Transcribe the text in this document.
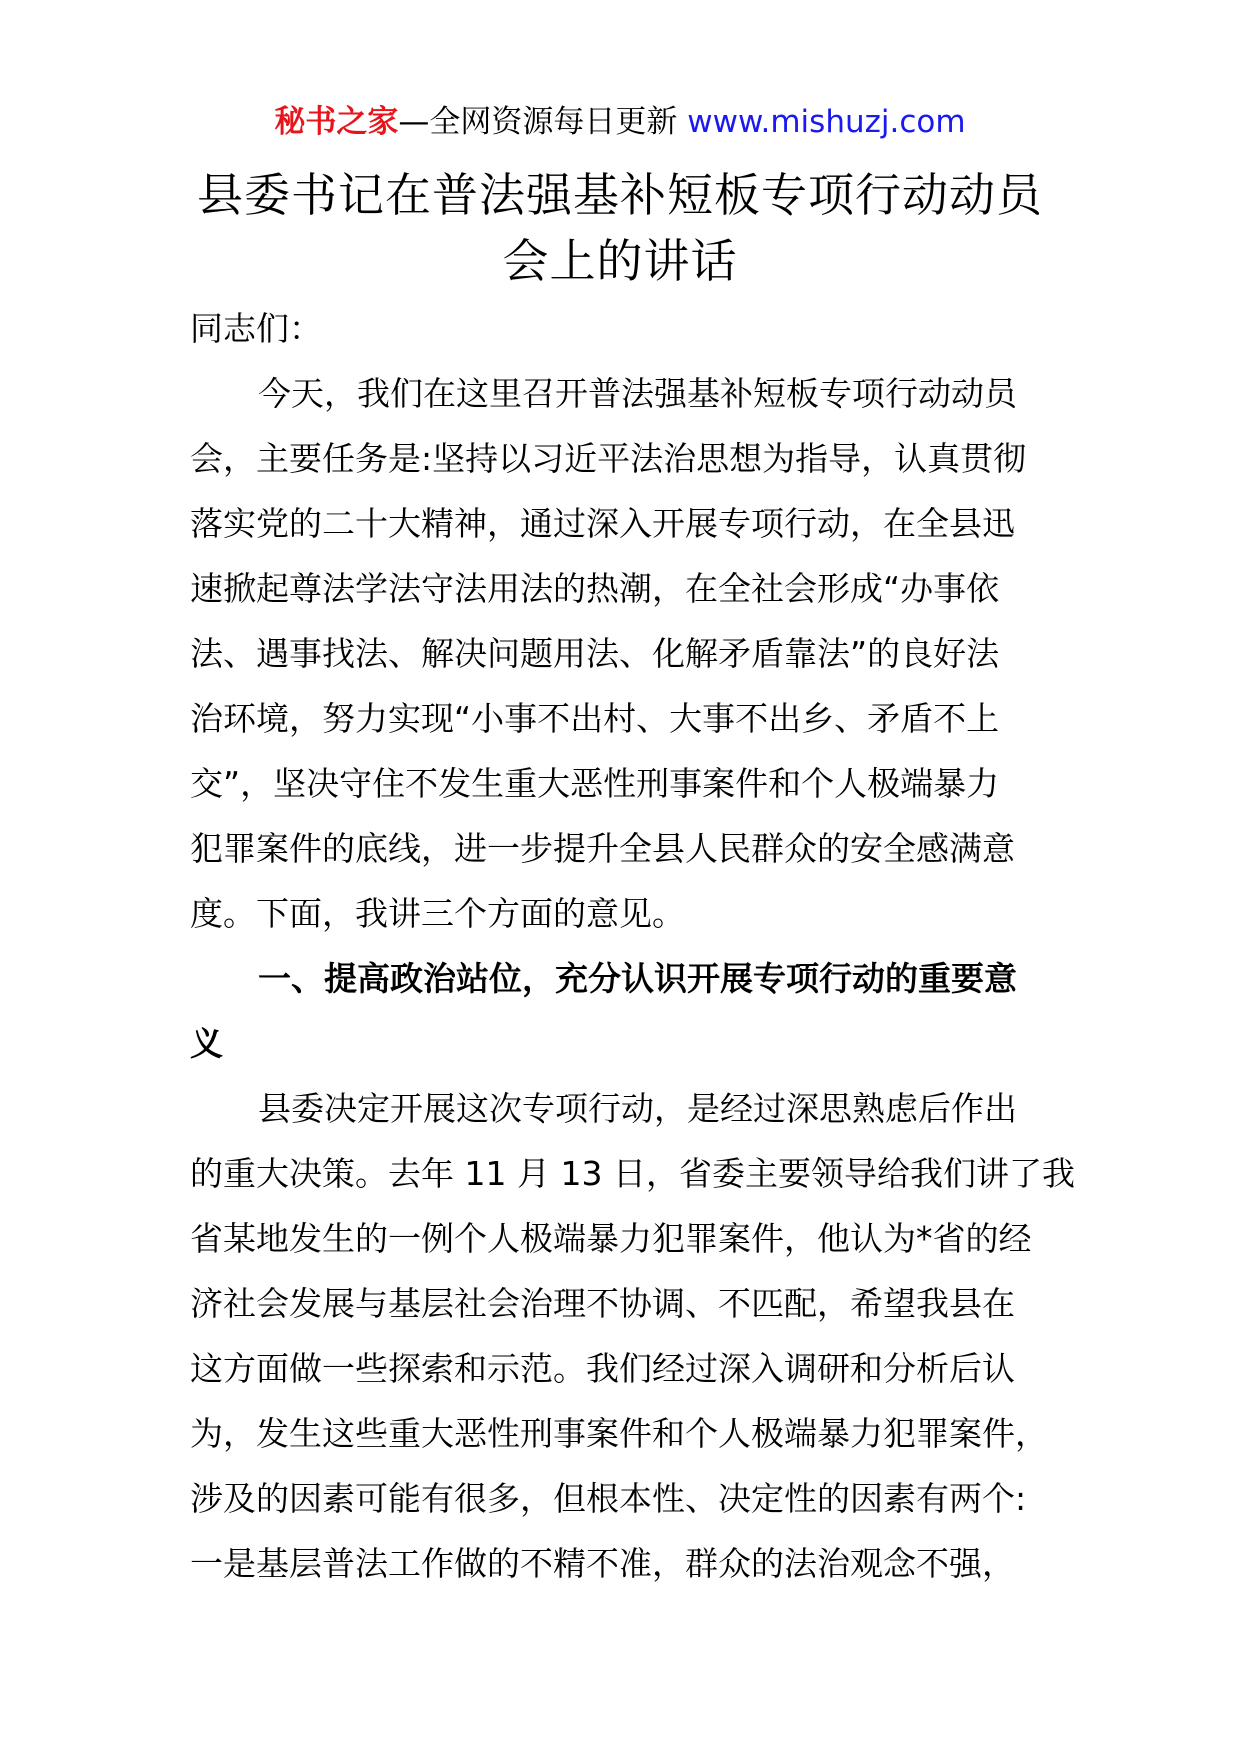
秘书之家—全网资源每日更新 www.mishuzj.com
县委书记在普法强基补短板专项行动动员
会上的讲话
同志们：
今天，我们在这里召开普法强基补短板专项行动动员
会，主要任务是:坚持以习近平法治思想为指导，认真贯彻
落实党的二十大精神，通过深入开展专项行动，在全县迅
速掀起尊法学法守法用法的热潮，在全社会形成“办事依
法、遇事找法、解决问题用法、化解矛盾靠法”的良好法
治环境，努力实现“小事不出村、大事不出乡、矛盾不上
交”，坚决守住不发生重大恶性刑事案件和个人极端暴力
犯罪案件的底线，进一步提升全县人民群众的安全感满意
度。下面，我讲三个方面的意见。
一、提高政治站位，充分认识开展专项行动的重要意
义
县委决定开展这次专项行动，是经过深思熟虑后作出
的重大决策。去年 11 月 13 日，省委主要领导给我们讲了我
省某地发生的一例个人极端暴力犯罪案件，他认为*省的经
济社会发展与基层社会治理不协调、不匹配，希望我县在
这方面做一些探索和示范。我们经过深入调研和分析后认
为，发生这些重大恶性刑事案件和个人极端暴力犯罪案件，
涉及的因素可能有很多，但根本性、决定性的因素有两个:
一是基层普法工作做的不精不准，群众的法治观念不强，
